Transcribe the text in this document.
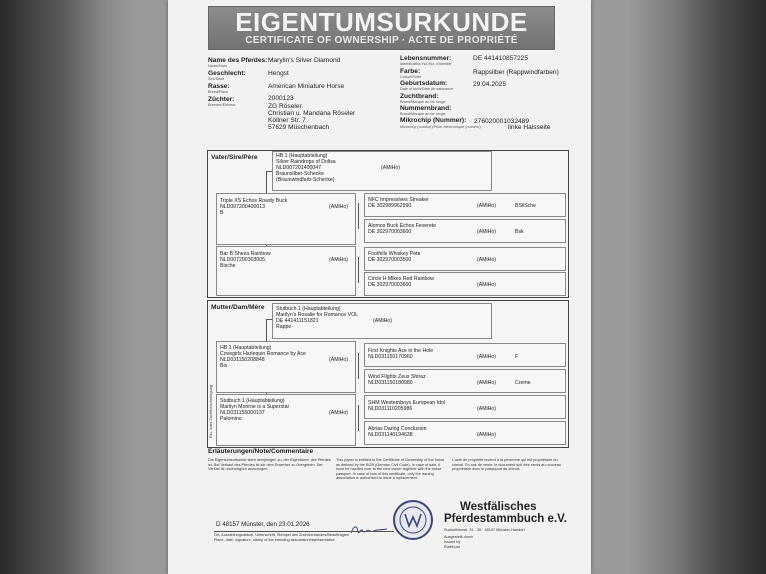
EIGENTUMSURKUNDE
CERTIFICATE OF OWNERSHIP · ACTE DE PROPRIÉTÉ
Name des Pferdes:
Name/Nom
Marylin's Silver Diamond
Geschlecht:
Sex/Sexe
Hengst
Rasse:
Breed/Race
American Miniature Horse
2000123
Züchter:
Breeder/Éleveur	ZG Röseler
Christian u. Mandana Röseler
Köllner Str. 7
57629 Müschenbach
Lebensnummer:
Identification No./No. d'identité
DE 441410857225
Farbe:
Colour/Robe
Rappsilber (Rappwindfarben)
Geburtsdatum:
Date of birth/Date de naissance
29.04.2025
Zuchtbrand:
Brand/Marque au fer rouge
Nummernbrand:
Brand/Marque au fer rouge
Mikrochip (Nummer): 276020001032489
Microchip (number)/Puce électronique (numéro)	linke Halsseite
Vater/Sire/Père	HB 1 (Hauptabteilung)
Silver Raindrops of Dolisa
NLD007201400047
Braunsilber-Schecke
(Braunwindfarb-Schecke)
(AMiHo)
Triple XS Echos Rowdy Buck
NLD007200400013
B
(AMiHo)
Bar B Sheza Rainbow
NLD007200303005
Bische
(AMiHo)
NFC Impressives Streaker
DE 302989962990	(AMiHo)	BSilSche
Alomos Buck Echos Feverete
DE 302970003600	(AMiHo)	Bsk
Foothills Whiskey Pete
DE 302970003500	(AMiHo)
Circle H Mikes Red Rainbow
DE 302970003600	(AMiHo)
Mutter/Dam/Mère Stutbuch 1 (Hauptabteilung)
Marilyn's Rosalie for Romance VOL
DE 441411151821
Rappe
(AMiHo)
HB 1 (Hauptabteilung)
Covegirls Harlequin Romance by Ace
NLD031150208848
Bis
(AMiHo)
Stutbuch 1 (Hauptabteilung)
Marilyn Monroe is a Superstar
NLD031155000137
Palomino
(AMiHo)
First Knights Ace in the Hole
NLD031150170960	(AMiHo)	F
Wind Flights Zeus Shiraz
NLD031150180980	(AMiHo)	Creme
SHM Westernboys European Idol
NLD031110205986	(AMiHo)
Abrias Daring Conclusion
NLD031140194638	(AMiHo)
Ein- oder Zuchtbescheinigung
Erläuterungen/Note/Commentaire
Die Eigentumsurkunde steht demjenigen zu, der Eigentümer des Pferdes ist. Bei Verkauf des Pferdes ist sie dem Erwerber zu übergeben. Der Verlust ist unverzüglich anzuzeigen.
This paper is entitled to the Certificate of Ownership of the horse as defined by the BGB (German Civil Code). In case of sale, it must be handed over to the new owner together with the horse passport. In case of loss of this certificate, only the issuing association is authorised to issue a replacement.
L'acte de propriété revient à la personne qui est propriétaire du cheval. En cas de vente, le document doit être remis au nouveau propriétaire avec le passeport du cheval.
Westfälisches
Pferdestammbuch e.V.
Sudmühlenstr. 31 - 35 · 48157 Münster-Handorf
D 48157 Münster, den 23.01.2026
Ort, Ausstellungsdatum, Unterschrift, Stempel des Zuchtverbandes/Beauftragten
Place, date, signature, stamp of the breeding association/representative
Ausgestellt durch
Issued by
Établi par
